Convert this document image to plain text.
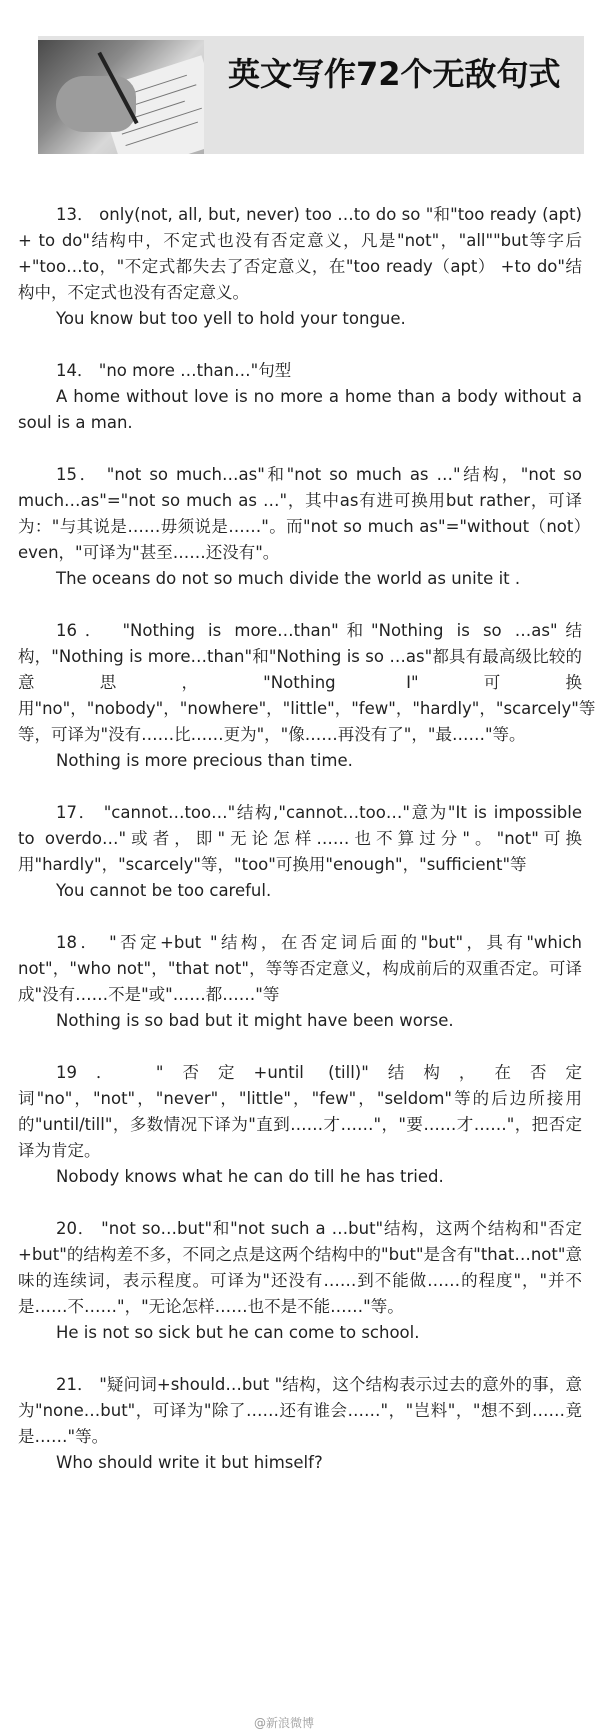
英文写作72个无敌句式

13． only(not, all, but, never) too …to do so "和"too ready (apt) + to do"结构中，不定式也没有否定意义，凡是"not"，"all""but等字后+"too…to，"不定式都失去了否定意义，在"too ready（apt） +to do"结构中，不定式也没有否定意义。

You know but too yell to hold your tongue.

14． "no more …than…"句型

A home without love is no more a home than a body without a soul is a man.

15． "not so much…as"和"not so much as …"结构，"not so much…as"="not so much as …"，其中as有进可换用but rather，可译为："与其说是……毋须说是……"。而"not so much as"="without（not）even，"可译为"甚至……还没有"。

The oceans do not so much divide the world as unite it .

16． "Nothing is more…than"和"Nothing is so …as"结构，"Nothing is more…than"和"Nothing is so …as"都具有最高级比较的意思，"Nothing I"可换用"no"，"nobody"，"nowhere"，"little"，"few"，"hardly"，"scarcely"等等，可译为"没有……比……更为"，"像……再没有了"，"最……"等。

Nothing is more precious than time.

17． "cannot…too…"结构,"cannot…too…"意为"It is impossible to overdo…"或者，即"无论怎样……也不算过分"。"not"可换用"hardly"，"scarcely"等，"too"可换用"enough"，"sufficient"等

You cannot be too careful.

18． "否定+but "结构，在否定词后面的"but"，具有"which not"，"who not"，"that not"，等等否定意义，构成前后的双重否定。可译成"没有……不是"或"……都……"等

Nothing is so bad but it might have been worse.

19． "否定+until (till)"结构，在否定词"no"，"not"，"never"，"little"，"few"，"seldom"等的后边所接用的"until/till"，多数情况下译为"直到……才……"，"要……才……"，把否定译为肯定。

Nobody knows what he can do till he has tried.

20． "not so…but"和"not such a …but"结构，这两个结构和"否定+but"的结构差不多，不同之点是这两个结构中的"but"是含有"that…not"意味的连续词，表示程度。可译为"还没有……到不能做……的程度"，"并不是……不……"，"无论怎样……也不是不能……"等。

He is not so sick but he can come to school.

21． "疑问词+should…but "结构，这个结构表示过去的意外的事，意为"none…but"，可译为"除了……还有谁会……"，"岂料"，"想不到……竟是……"等。

Who should write it but himself?

@新浪微博
